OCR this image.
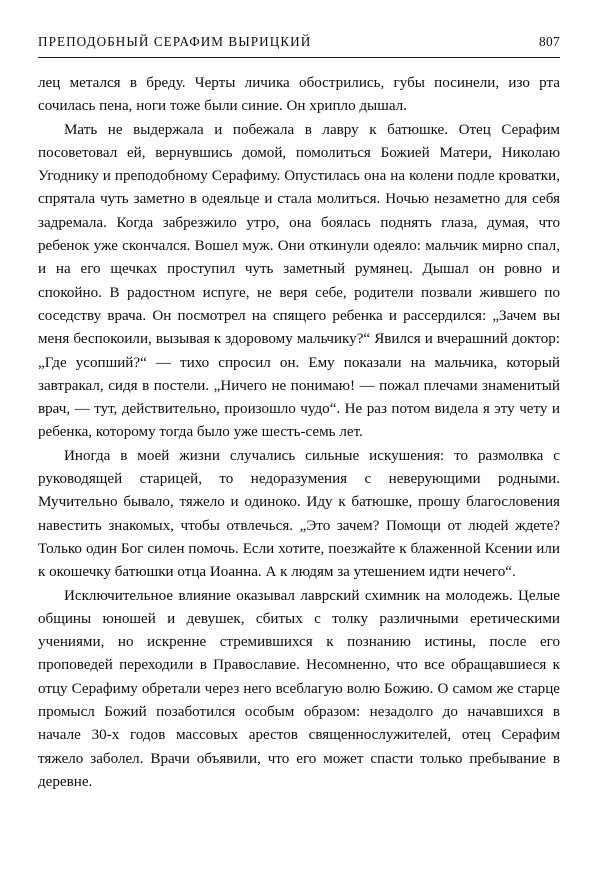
ПРЕПОДОБНЫЙ СЕРАФИМ ВЫРИЦКИЙ	807

лец метался в бреду. Черты личика обострились, губы посинели, изо рта сочилась пена, ноги тоже были синие. Он хрипло дышал.

Мать не выдержала и побежала в лавру к батюшке. Отец Серафим посоветовал ей, вернувшись домой, помолиться Божией Матери, Николаю Угоднику и преподобному Серафиму. Опустилась она на колени подле кроватки, спрятала чуть заметно в одеяльце и стала молиться. Ночью незаметно для себя задремала. Когда забрезжило утро, она боялась поднять глаза, думая, что ребенок уже скончался. Вошел муж. Они откинули одеяло: мальчик мирно спал, и на его щечках проступил чуть заметный румянец. Дышал он ровно и спокойно. В радостном испуге, не веря себе, родители позвали жившего по соседству врача. Он посмотрел на спящего ребенка и рассердился: „Зачем вы меня беспокоили, вызывая к здоровому мальчику?“ Явился и вчерашний доктор: „Где усопший?“ — тихо спросил он. Ему показали на мальчика, который завтракал, сидя в постели. „Ничего не понимаю! — пожал плечами знаменитый врач, — тут, действительно, произошло чудо“. Не раз потом видела я эту чету и ребенка, которому тогда было уже шесть-семь лет.

Иногда в моей жизни случались сильные искушения: то размолвка с руководящей старицей, то недоразумения с неверующими родными. Мучительно бывало, тяжело и одиноко. Иду к батюшке, прошу благословения навестить знакомых, чтобы отвлечься. „Это зачем? Помощи от людей ждете? Только один Бог силен помочь. Если хотите, поезжайте к блаженной Ксении или к окошечку батюшки отца Иоанна. А к людям за утешением идти нечего“.

Исключительное влияние оказывал лаврский схимник на молодежь. Целые общины юношей и девушек, сбитых с толку различными еретическими учениями, но искренне стремившихся к познанию истины, после его проповедей переходили в Православие. Несомненно, что все обращавшиеся к отцу Серафиму обретали через него всеблагую волю Божию. О самом же старце промысл Божий позаботился особым образом: незадолго до начавшихся в начале 30-х годов массовых арестов священнослужителей, отец Серафим тяжело заболел. Врачи объявили, что его может спасти только пребывание в деревне.
